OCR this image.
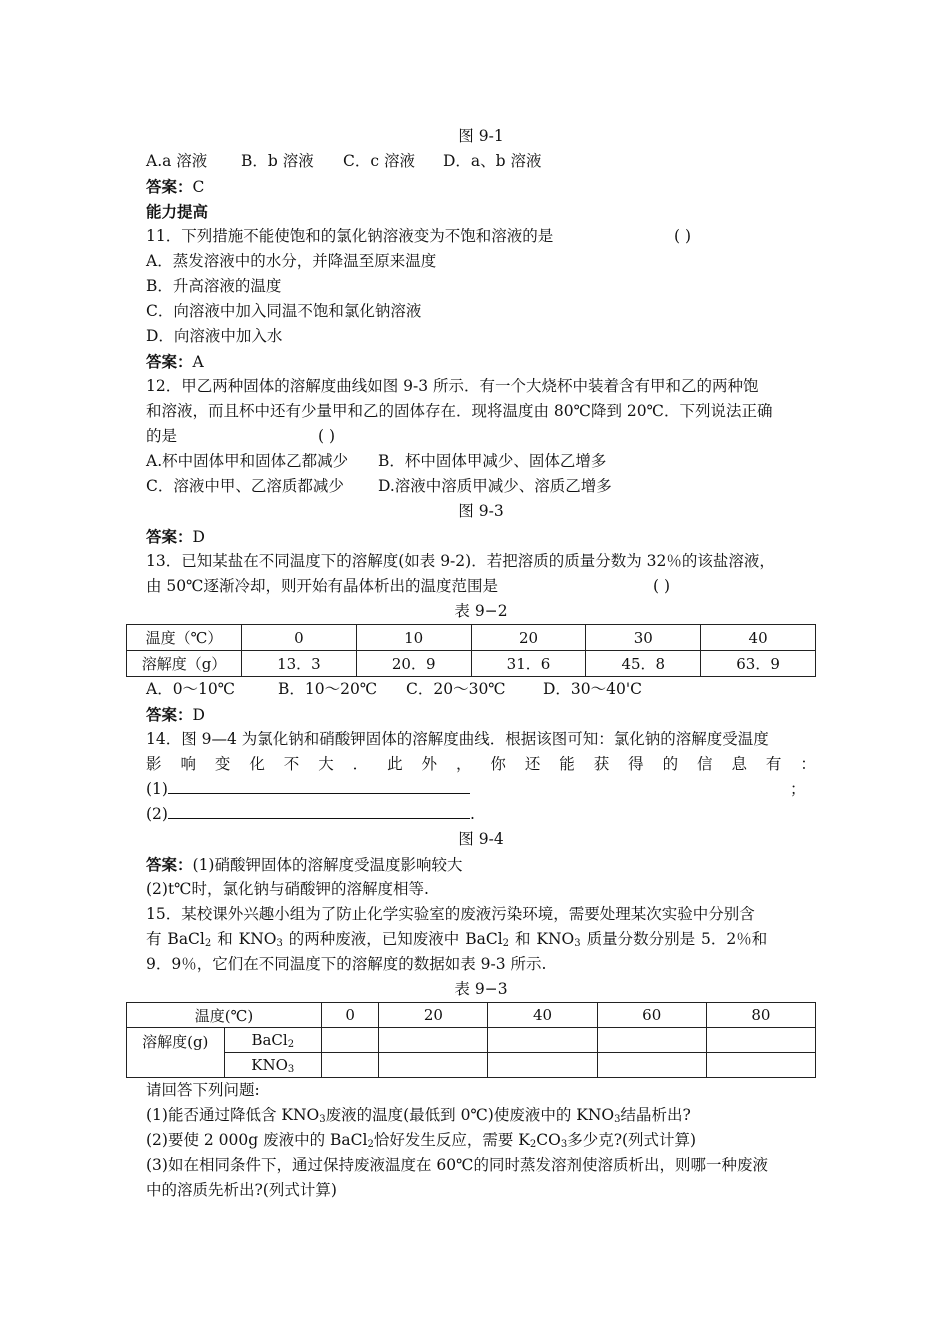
图 9-1
A.a 溶液 B．b 溶液 C．c 溶液 D．a、b 溶液
答案：C
能力提高
11．下列措施不能使饱和的氯化钠溶液变为不饱和溶液的是	( )
A．蒸发溶液中的水分，并降温至原来温度
B．升高溶液的温度
C．向溶液中加入同温不饱和氯化钠溶液
D．向溶液中加入水
答案：A
12．甲乙两种固体的溶解度曲线如图 9-3 所示．有一个大烧杯中装着含有甲和乙的两种饱
和溶液，而且杯中还有少量甲和乙的固体存在．现将温度由 80℃降到 20℃．下列说法正确
的是	( )
A.杯中固体甲和固体乙都减少 B．杯中固体甲减少、固体乙增多
C．溶液中甲、乙溶质都减少 D.溶液中溶质甲减少、溶质乙增多
图 9-3
答案：D
13．已知某盐在不同温度下的溶解度(如表 9-2)．若把溶质的质量分数为 32％的该盐溶液，
由 50℃逐渐冷却，则开始有晶体析出的温度范围是	( )
表 9−2
温度（℃）	0	10	20	30	40
溶解度（g）	13．3	20．9	31．6	45．8	63．9
A．0～10℃	B．10～20℃ C．20～30℃ D．30～40'C
答案：D
14．图 9—4 为氯化钠和硝酸钾固体的溶解度曲线．根据该图可知：氯化钠的溶解度受温度
影 响 变 化 不 大 ． 此 外 ， 你 还 能 获 得 的 信 息 有 ：
(1)	；
(2)	.
图 9-4
答案：(1)硝酸钾固体的溶解度受温度影响较大
(2)t℃时，氯化钠与硝酸钾的溶解度相等.
15．某校课外兴趣小组为了防止化学实验室的废液污染环境，需要处理某次实验中分别含
有 BaCl$_2$ 和 $KNO_3$ 的两种废液，已知废液中 BaCl$_2$ 和 $KNO_3$ 质量分数分别是 5．2％和
9．9％，它们在不同温度下的溶解度的数据如表 9-3 所示.
表 9−3
温度(℃)		0	20	40	60	80
溶解度(g)	BaCl$_2$					
	$KNO_3$					
请回答下列问题:
(1)能否通过降低含 $KNO_3$废液的温度(最低到 0℃)使废液中的 $KNO_3$结晶析出?
(2)要使 2 000g 废液中的 BaCl$_2$恰好发生反应，需要 $K_2CO_3$多少克?(列式计算)
(3)如在相同条件下，通过保持废液温度在 60℃的同时蒸发溶剂使溶质析出，则哪一种废液
中的溶质先析出?(列式计算)
